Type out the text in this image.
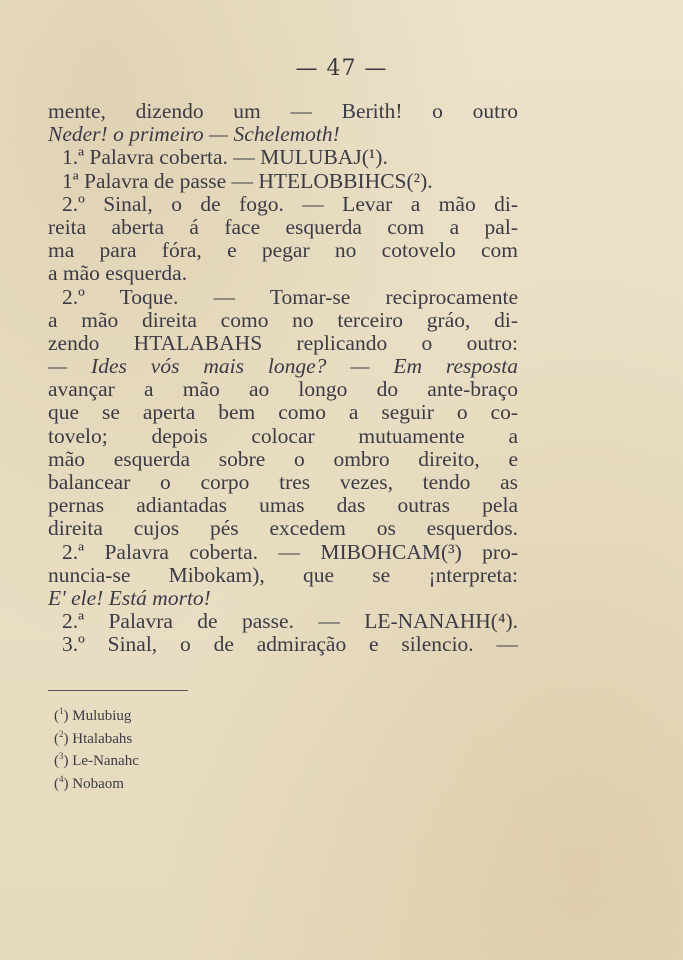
— 47 —
mente, dizendo um — Berith! o outro
Neder! o primeiro — Schelemoth!
1.ª Palavra coberta. — MULUBAJ(¹).
1ª Palavra de passe — HTELOBBIHCS(²).
2.º Sinal, o de fogo. — Levar a mão di-
reita aberta á face esquerda com a pal-
ma para fóra, e pegar no cotovelo com
a mão esquerda.
2.º Toque. — Tomar-se reciprocamente
a mão direita como no terceiro gráo, di-
zendo HTALABAHS replicando o outro:
— Ides vós mais longe? — Em resposta
avançar a mão ao longo do ante-braço
que se aperta bem como a seguir o co-
tovelo; depois colocar mutuamente a
mão esquerda sobre o ombro direito, e
balancear o corpo tres vezes, tendo as
pernas adiantadas umas das outras pela
direita cujos pés excedem os esquerdos.
2.ª Palavra coberta. — MIBOHCAM(³) pro-
nuncia-se Mibokam), que se ¡nterpreta:
E' ele! Está morto!
2.ª Palavra de passe. — LE-NANAHH(⁴).
3.º Sinal, o de admiração e silencio. —
($^1$) Mulubiug
($^2$) Htalabahs
($^3$) Le-Nanahc
($^4$) Nobaom
